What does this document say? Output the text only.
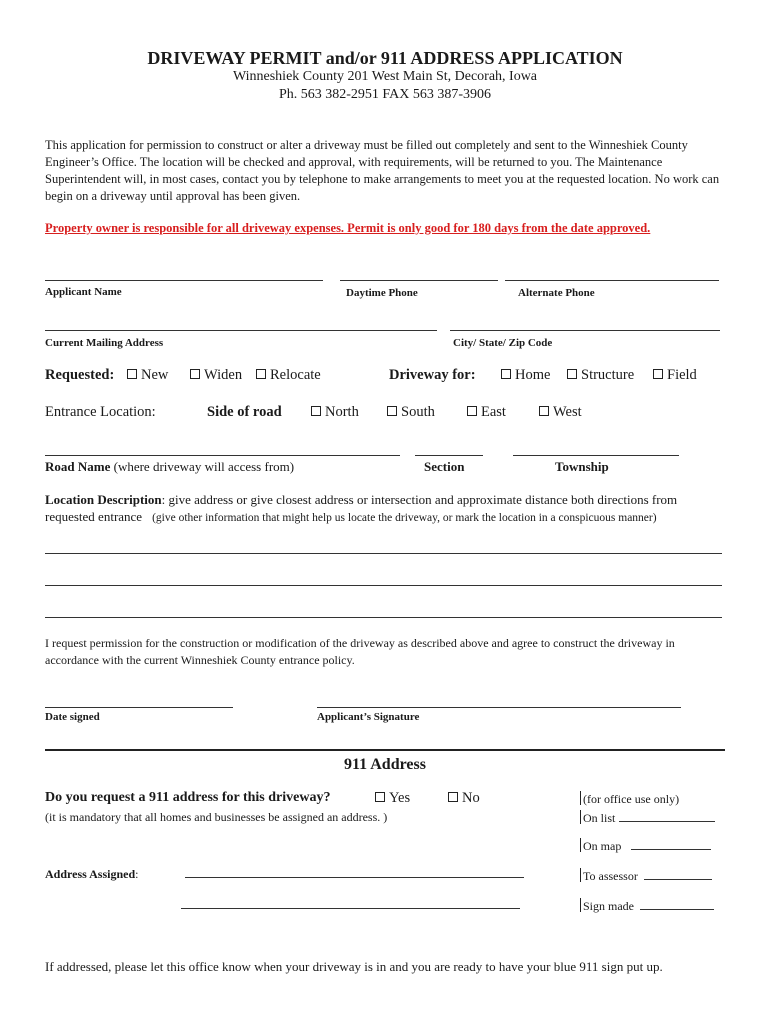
DRIVEWAY PERMIT and/or 911 ADDRESS APPLICATION
Winneshiek County 201 West Main St, Decorah, Iowa
Ph. 563 382-2951 FAX 563 387-3906
This application for permission to construct or alter a driveway must be filled out completely and sent to the Winneshiek County Engineer’s Office. The location will be checked and approval, with requirements, will be returned to you. The Maintenance Superintendent will, in most cases, contact you by telephone to make arrangements to meet you at the requested location. No work can begin on a driveway until approval has been given.
Property owner is responsible for all driveway expenses. Permit is only good for 180 days from the date approved.
Applicant Name	Daytime Phone	Alternate Phone
Current Mailing Address	City/ State/ Zip Code
Requested:	New	Widen	Relocate	Driveway for:	Home	Structure	Field
Entrance Location:	Side of road	North	South	East	West
Road Name (where driveway will access from)	Section	Township
Location Description: give address or give closest address or intersection and approximate distance both directions from
requested entrance (give other information that might help us locate the driveway, or mark the location in a conspicuous manner)
I request permission for the construction or modification of the driveway as described above and agree to construct the driveway in accordance with the current Winneshiek County entrance policy.
Date signed	Applicant’s Signature
911 Address
Do you request a 911 address for this driveway?	Yes	No
(it is mandatory that all homes and businesses be assigned an address. )
Address Assigned:
(for office use only)
On list
On map
To assessor
Sign made
If addressed, please let this office know when your driveway is in and you are ready to have your blue 911 sign put up.
